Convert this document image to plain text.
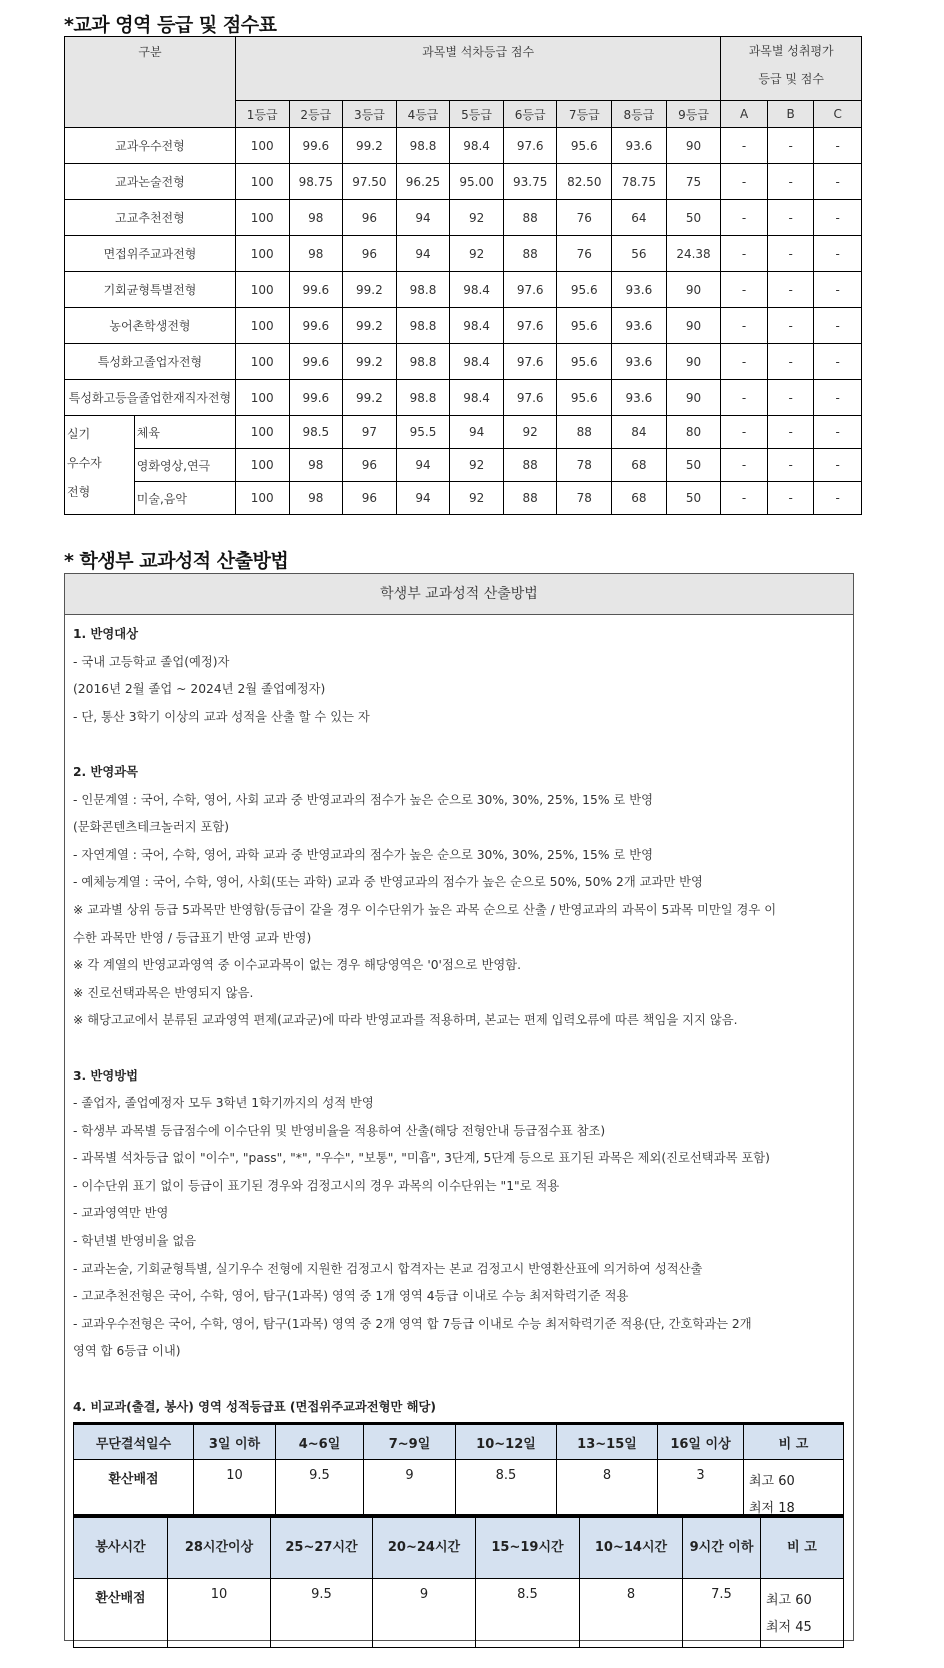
*교과 영역 등급 및 점수표
구분		과목별 석차등급 점수									과목별 성취평가
등급 및 점수		

		1등급	2등급	3등급	4등급	5등급	6등급	7등급	8등급	9등급	A	B	C
교과우수전형		100	99.6	99.2	98.8	98.4	97.6	95.6	93.6	90	-	-	-
교과논술전형		100	98.75	97.50	96.25	95.00	93.75	82.50	78.75	75	-	-	-
고교추천전형		100	98	96	94	92	88	76	64	50	-	-	-
면접위주교과전형		100	98	96	94	92	88	76	56	24.38	-	-	-
기회균형특별전형		100	99.6	99.2	98.8	98.4	97.6	95.6	93.6	90	-	-	-
농어촌학생전형		100	99.6	99.2	98.8	98.4	97.6	95.6	93.6	90	-	-	-
특성화고졸업자전형		100	99.6	99.2	98.8	98.4	97.6	95.6	93.6	90	-	-	-
특성화고등을졸업한재직자전형		100	99.6	99.2	98.8	98.4	97.6	95.6	93.6	90	-	-	-

실기
우수자
전형	체육	100	98.5	97	95.5	94	92	88	84	80	-	-	-
	영화영상,연극	100	98	96	94	92	88	78	68	50	-	-	-
	미술,음악	100	98	96	94	92	88	78	68	50	-	-	-
* 학생부 교과성적 산출방법
학생부 교과성적 산출방법

1. 반영대상

- 국내 고등학교 졸업(예정)자

(2016년 2월 졸업 ~ 2024년 2월 졸업예정자)

- 단, 통산 3학기 이상의 교과 성적을 산출 할 수 있는 자

2. 반영과목

- 인문계열 : 국어, 수학, 영어, 사회 교과 중 반영교과의 점수가 높은 순으로 30%, 30%, 25%, 15% 로 반영

(문화콘텐츠테크놀러지 포함)

- 자연계열 : 국어, 수학, 영어, 과학 교과 중 반영교과의 점수가 높은 순으로 30%, 30%, 25%, 15% 로 반영

- 예체능계열 : 국어, 수학, 영어, 사회(또는 과학) 교과 중 반영교과의 점수가 높은 순으로 50%, 50% 2개 교과만 반영

※ 교과별 상위 등급 5과목만 반영함(등급이 같을 경우 이수단위가 높은 과목 순으로 산출 / 반영교과의 과목이 5과목 미만일 경우 이

수한 과목만 반영 / 등급표기 반영 교과 반영)

※ 각 계열의 반영교과영역 중 이수교과목이 없는 경우 해당영역은 '0'점으로 반영함.

※ 진로선택과목은 반영되지 않음.

※ 해당고교에서 분류된 교과영역 편제(교과군)에 따라 반영교과를 적용하며, 본교는 편제 입력오류에 따른 책임을 지지 않음.

3. 반영방법

- 졸업자, 졸업예정자 모두 3학년 1학기까지의 성적 반영

- 학생부 과목별 등급점수에 이수단위 및 반영비율을 적용하여 산출(해당 전형안내 등급점수표 참조)

- 과목별 석차등급 없이 "이수", "pass", "*", "우수", "보통", "미흡", 3단계, 5단계 등으로 표기된 과목은 제외(진로선택과목 포함)

- 이수단위 표기 없이 등급이 표기된 경우와 검정고시의 경우 과목의 이수단위는 "1"로 적용

- 교과영역만 반영

- 학년별 반영비율 없음

- 교과논술, 기회균형특별, 실기우수 전형에 지원한 검정고시 합격자는 본교 검정고시 반영환산표에 의거하여 성적산출

- 고교추천전형은 국어, 수학, 영어, 탐구(1과목) 영역 중 1개 영역 4등급 이내로 수능 최저학력기준 적용

- 교과우수전형은 국어, 수학, 영어, 탐구(1과목) 영역 중 2개 영역 합 7등급 이내로 수능 최저학력기준 적용(단, 간호학과는 2개

영역 합 6등급 이내)

4. 비교과(출결, 봉사) 영역 성적등급표 (면접위주교과전형만 해당)

무단결석일수	3일 이하	4~6일	7~9일	10~12일	13~15일	16일 이상	비 고
환산배점	10	9.5	9	8.5	8	3	최고 60
최저 18
봉사시간	28시간이상	25~27시간	20~24시간	15~19시간	10~14시간	9시간 이하	비 고
환산배점	10	9.5	9	8.5	8	7.5	최고 60
최저 45
